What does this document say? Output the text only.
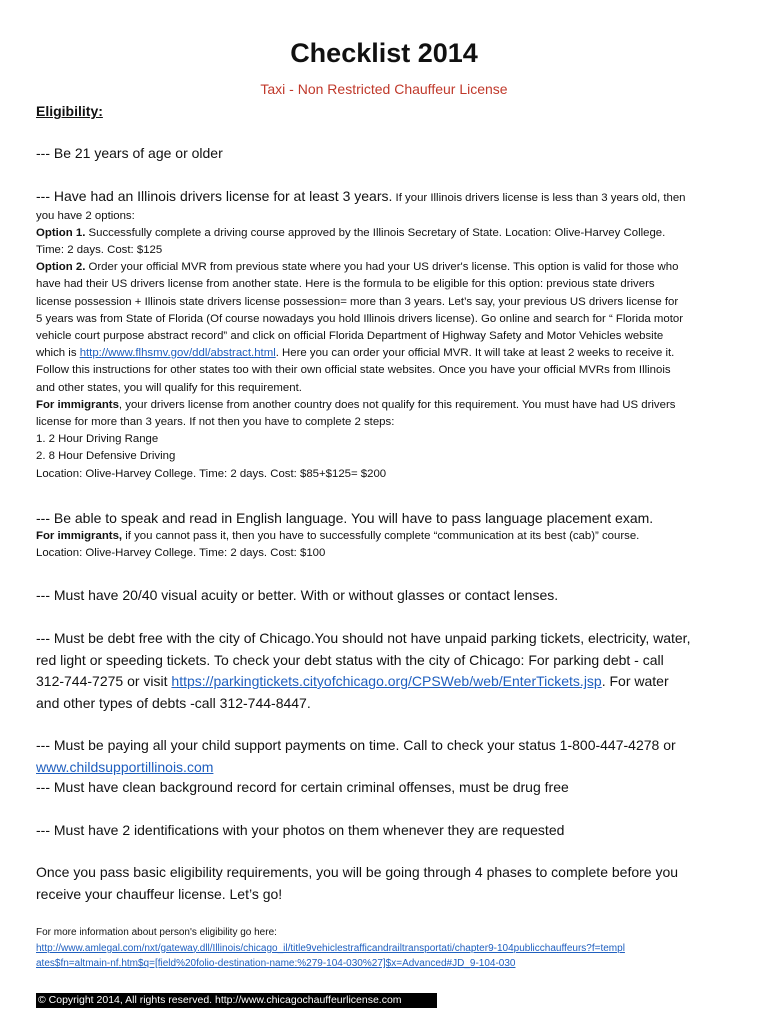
Checklist 2014
Taxi - Non Restricted Chauffeur License
Eligibility:
--- Be 21 years of age or older

--- Have had an Illinois drivers license for at least 3 years. If your Illinois drivers license is less than 3 years old, then

you have 2 options:

Option 1. Successfully complete a driving course approved by the Illinois Secretary of State. Location: Olive-Harvey College.

Time: 2 days. Cost: $125

Option 2. Order your official MVR from previous state where you had your US driver's license. This option is valid for those who

have had their US drivers license from another state. Here is the formula to be eligible for this option: previous state drivers

license possession + Illinois state drivers license possession= more than 3 years. Let’s say, your previous US drivers license for

5 years was from State of Florida (Of course nowadays you hold Illinois drivers license). Go online and search for “ Florida motor

vehicle court purpose abstract record” and click on official Florida Department of Highway Safety and Motor Vehicles website

which is http://www.flhsmv.gov/ddl/abstract.html. Here you can order your official MVR. It will take at least 2 weeks to receive it.

Follow this instructions for other states too with their own official state websites. Once you have your official MVRs from Illinois

and other states, you will qualify for this requirement.

For immigrants, your drivers license from another country does not qualify for this requirement. You must have had US drivers

license for more than 3 years. If not then you have to complete 2 steps:

1. 2 Hour Driving Range

2. 8 Hour Defensive Driving

Location: Olive-Harvey College. Time: 2 days. Cost: $85+$125= $200

--- Be able to speak and read in English language. You will have to pass language placement exam.

For immigrants, if you cannot pass it, then you have to successfully complete “communication at its best (cab)” course.

Location: Olive-Harvey College. Time: 2 days. Cost: $100

--- Must have 20/40 visual acuity or better. With or without glasses or contact lenses.

--- Must be debt free with the city of Chicago.You should not have unpaid parking tickets, electricity, water,

red light or speeding tickets. To check your debt status with the city of Chicago: For parking debt - call

312-744-7275 or visit https://parkingtickets.cityofchicago.org/CPSWeb/web/EnterTickets.jsp. For water

and other types of debts -call 312-744-8447.

--- Must be paying all your child support payments on time. Call to check your status 1-800-447-4278 or

www.childsupportillinois.com

--- Must have clean background record for certain criminal offenses, must be drug free
--- Must have 2 identifications with your photos on them whenever they are requested

Once you pass basic eligibility requirements, you will be going through 4 phases to complete before you

receive your chauffeur license. Let’s go!

For more information about person's eligibility go here:

http://www.amlegal.com/nxt/gateway.dll/Illinois/chicago_il/title9vehiclestrafficandrailtransportati/chapter9-104publicchauffeurs?f=templ

ates$fn=altmain-nf.htm$q=[field%20folio-destination-name:%279-104-030%27]$x=Advanced#JD_9-104-030

© Copyright 2014, All rights reserved. http://www.chicagochauffeurlicense.com
